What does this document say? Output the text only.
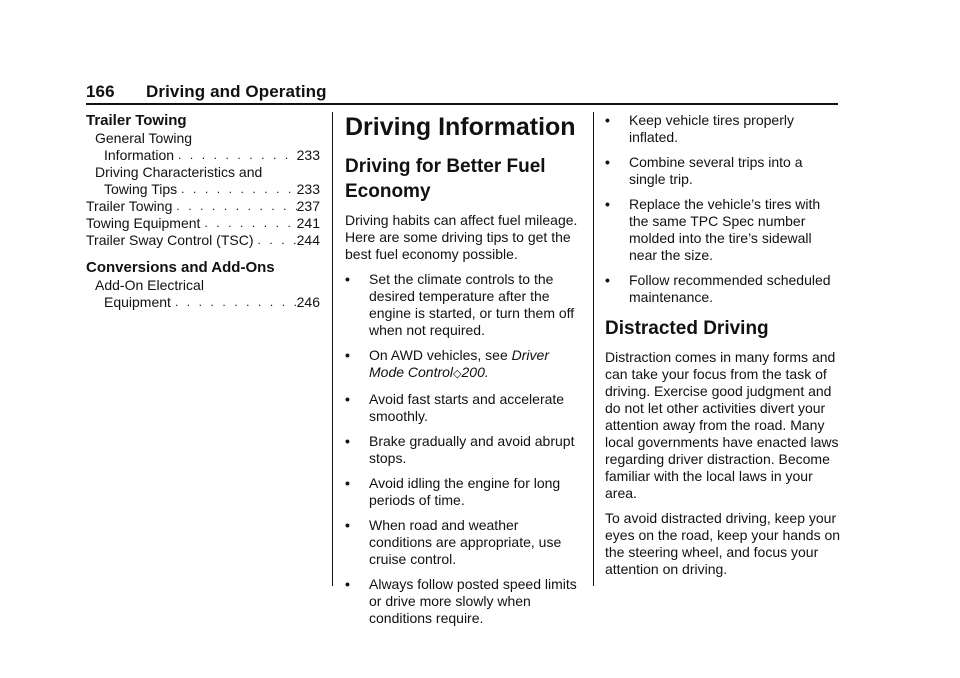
166 Driving and Operating
Trailer Towing
General Towing
Information . . .	233
Driving Characteristics and
Towing Tips . . .	233
Trailer Towing . . .	237
Towing Equipment . . .	241
Trailer Sway Control (TSC) . . .	244
Conversions and Add-Ons
Add-On Electrical
Equipment . . .	246
Driving Information
Driving for Better Fuel Economy
Driving habits can affect fuel mileage. Here are some driving tips to get the best fuel economy possible.
•	Set the climate controls to the desired temperature after the engine is started, or turn them off when not required.
•	On AWD vehicles, see Driver Mode Control◇200.
•	Avoid fast starts and accelerate smoothly.
•	Brake gradually and avoid abrupt stops.
•	Avoid idling the engine for long periods of time.
•	When road and weather conditions are appropriate, use cruise control.
•	Always follow posted speed limits or drive more slowly when conditions require.
•	Keep vehicle tires properly inflated.
•	Combine several trips into a single trip.
•	Replace the vehicle’s tires with the same TPC Spec number molded into the tire’s sidewall near the size.
•	Follow recommended scheduled maintenance.
Distracted Driving
Distraction comes in many forms and can take your focus from the task of driving. Exercise good judgment and do not let other activities divert your attention away from the road. Many local governments have enacted laws regarding driver distraction. Become familiar with the local laws in your area.
To avoid distracted driving, keep your eyes on the road, keep your hands on the steering wheel, and focus your attention on driving.
